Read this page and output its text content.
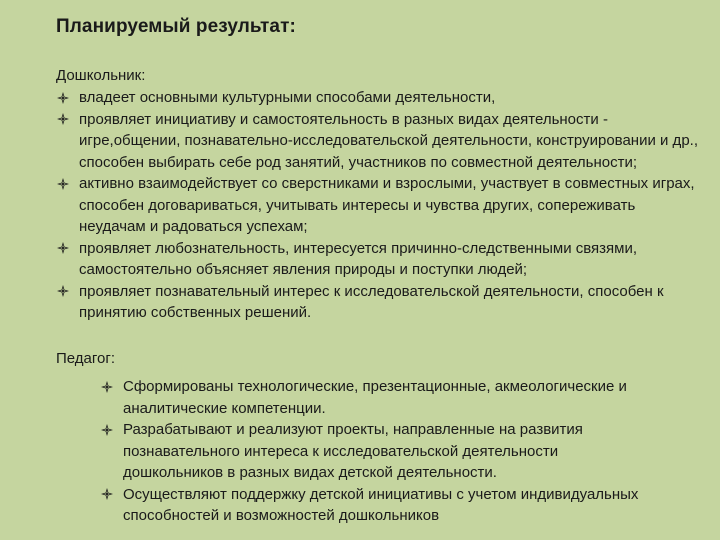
Планируемый результат:
Дошкольник:
владеет основными культурными способами деятельности,
проявляет инициативу и самостоятельность в разных видах деятельности - игре,общении, познавательно-исследовательской деятельности, конструировании и др., способен выбирать себе род занятий, участников по совместной деятельности;
активно взаимодействует со сверстниками и взрослыми, участвует в совместных играх, способен договариваться, учитывать интересы и чувства других, сопереживать неудачам и радоваться успехам;
проявляет любознательность, интересуется причинно-следственными связями, самостоятельно объясняет явления природы и поступки людей;
проявляет познавательный интерес к исследовательской деятельности, способен к принятию собственных решений.
Педагог:
Сформированы технологические, презентационные, акмеологические и аналитические компетенции.
Разрабатывают и реализуют проекты, направленные на развития познавательного интереса к исследовательской деятельности дошкольников в разных видах детской деятельности.
Осуществляют поддержку детской инициативы с учетом индивидуальных способностей и возможностей дошкольников
